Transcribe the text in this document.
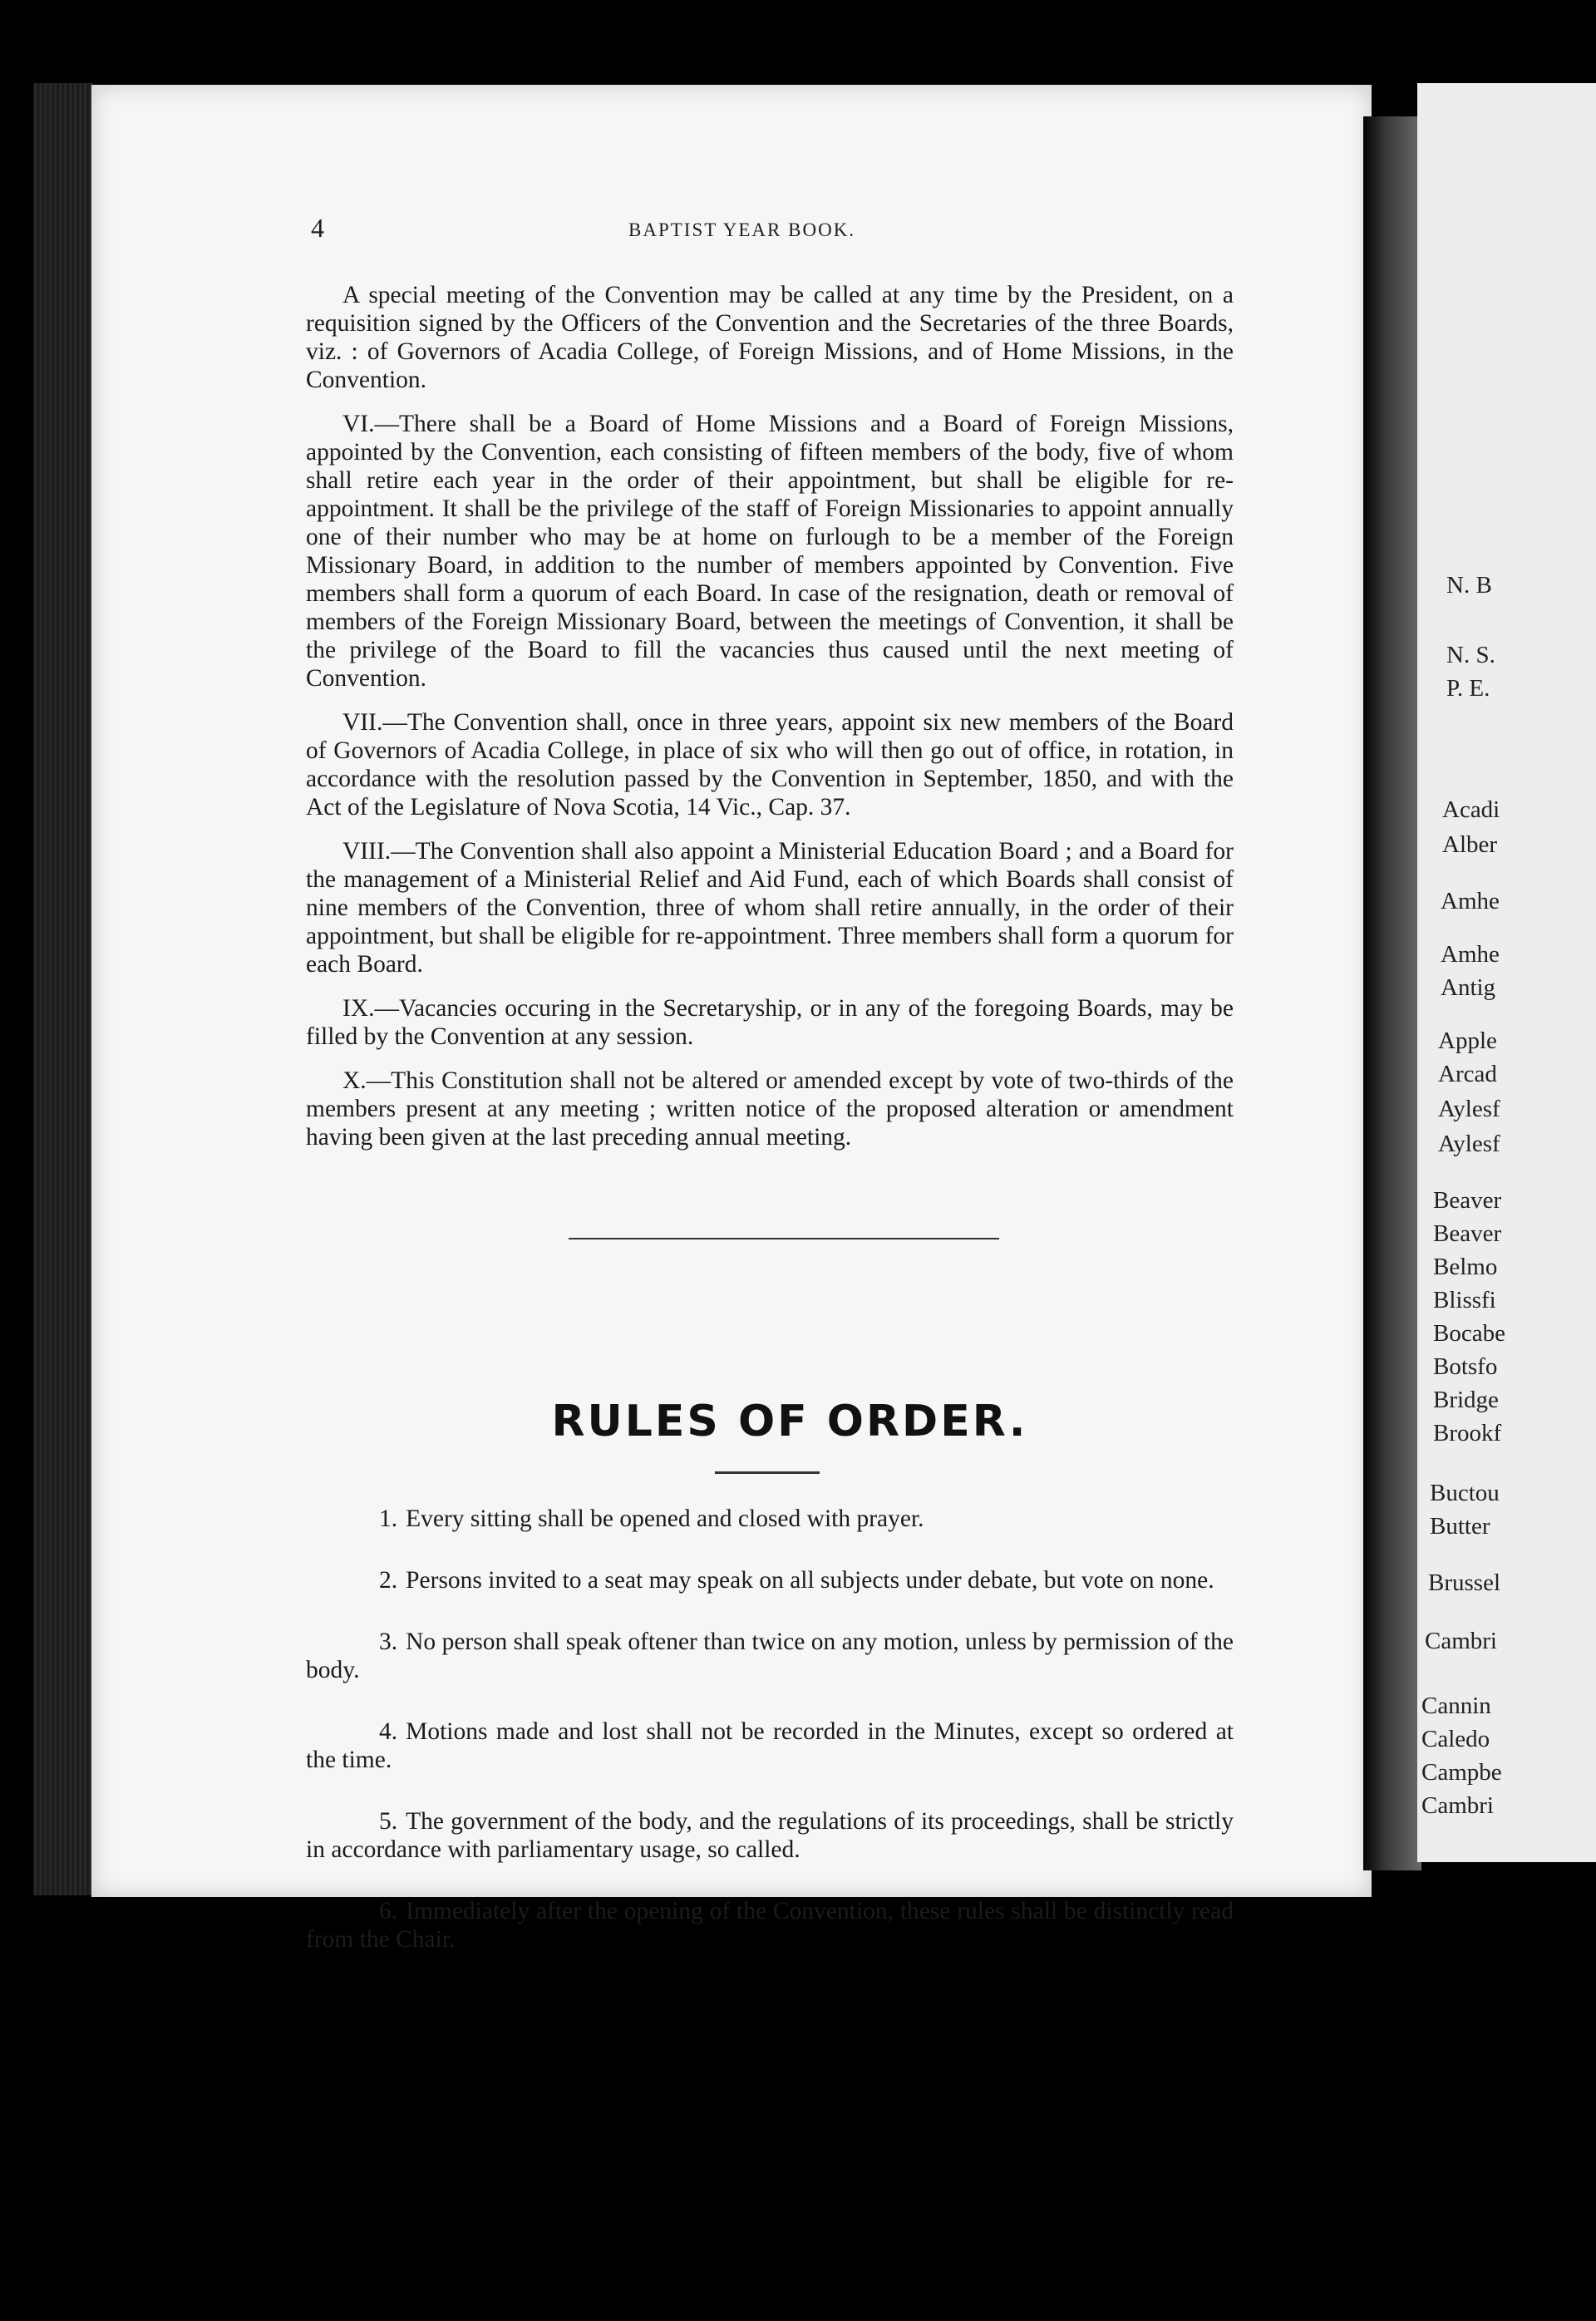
4	BAPTIST YEAR BOOK.

A special meeting of the Convention may be called at any time by the President, on a requisition signed by the Officers of the Convention and the Secretaries of the three Boards, viz. : of Governors of Acadia College, of Foreign Missions, and of Home Missions, in the Convention.

VI.—There shall be a Board of Home Missions and a Board of Foreign Missions, appointed by the Convention, each consisting of fifteen members of the body, five of whom shall retire each year in the order of their appointment, but shall be eligible for re-appointment. It shall be the privilege of the staff of Foreign Missionaries to appoint annually one of their number who may be at home on furlough to be a member of the Foreign Missionary Board, in addition to the number of members appointed by Convention. Five members shall form a quorum of each Board. In case of the resignation, death or removal of members of the Foreign Missionary Board, between the meetings of Convention, it shall be the privilege of the Board to fill the vacancies thus caused until the next meeting of Convention.

VII.—The Convention shall, once in three years, appoint six new members of the Board of Governors of Acadia College, in place of six who will then go out of office, in rotation, in accordance with the resolution passed by the Convention in September, 1850, and with the Act of the Legislature of Nova Scotia, 14 Vic., Cap. 37.

VIII.—The Convention shall also appoint a Ministerial Education Board ; and a Board for the management of a Ministerial Relief and Aid Fund, each of which Boards shall consist of nine members of the Convention, three of whom shall retire annually, in the order of their appointment, but shall be eligible for re-appointment. Three members shall form a quorum for each Board.

IX.—Vacancies occuring in the Secretaryship, or in any of the foregoing Boards, may be filled by the Convention at any session.

X.—This Constitution shall not be altered or amended except by vote of two-thirds of the members present at any meeting ; written notice of the proposed alteration or amendment having been given at the last preceding annual meeting.

RULES OF ORDER.

1. Every sitting shall be opened and closed with prayer.

2. Persons invited to a seat may speak on all subjects under debate, but vote on none.

3. No person shall speak oftener than twice on any motion, unless by permission of the body.

4. Motions made and lost shall not be recorded in the Minutes, except so ordered at the time.

5. The government of the body, and the regulations of its proceedings, shall be strictly in accordance with parliamentary usage, so called.

6. Immediately after the opening of the Convention, these rules shall be distinctly read from the Chair.

N. B
N. S.
P. E.
Acadi
Alber
Amhe
Amhe
Antig
Apple
Arcad
Aylesf
Aylesf
Beaver
Beaver
Belmo
Blissfi
Bocabe
Botsfo
Bridge
Brookf
Buctou
Butter
Brussel
Cambri
Cannin
Caledo
Campbe
Cambri
